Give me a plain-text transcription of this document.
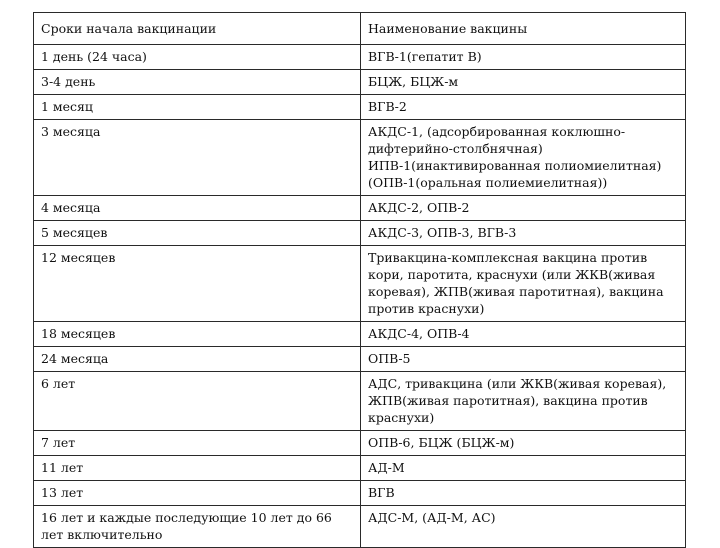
Сроки начала вакцинации	Наименование вакцины
1 день (24 часа)	ВГВ-1(гепатит В)
3-4 день	БЦЖ, БЦЖ-м
1 месяц	ВГВ-2
3 месяца	АКДС-1, (адсорбированная коклюшно-дифтерийно-столбнячная) ИПВ-1(инактивированная полиомиелитная)(ОПВ-1(оральная полиемиелитная))
4 месяца	АКДС-2, ОПВ-2
5 месяцев	АКДС-3, ОПВ-3, ВГВ-3
12 месяцев	Тривакцина-комплексная вакцина против кори, паротита, краснухи (или ЖКВ(живая коревая), ЖПВ(живая паротитная), вакцина против краснухи)
18 месяцев	АКДС-4, ОПВ-4
24 месяца	ОПВ-5
6 лет	АДС, тривакцина (или ЖКВ(живая коревая), ЖПВ(живая паротитная), вакцина против краснухи)
7 лет	ОПВ-6, БЦЖ (БЦЖ-м)
11 лет	АД-М
13 лет	ВГВ
16 лет и каждые последующие 10 лет до 66 лет включительно	АДС-М, (АД-М, АС)
